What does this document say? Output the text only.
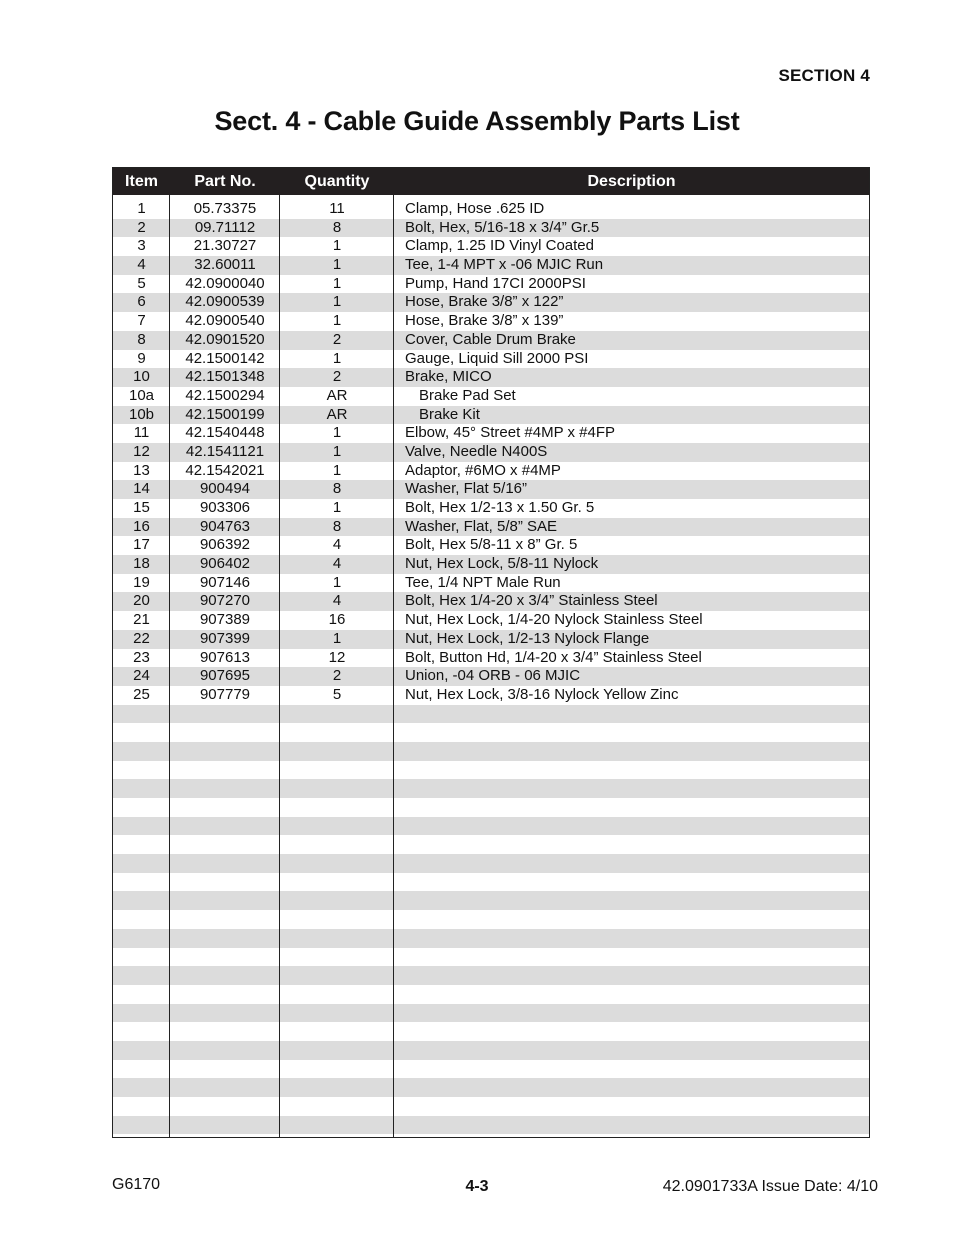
SECTION 4
Sect. 4 - Cable Guide Assembly Parts List
Item	Part No.	Quantity	Description
1	05.73375	11	Clamp, Hose .625 ID
2	09.71112	8	Bolt, Hex, 5/16-18 x 3/4” Gr.5
3	21.30727	1	Clamp, 1.25 ID Vinyl Coated
4	32.60011	1	Tee, 1-4 MPT x -06 MJIC Run
5	42.0900040	1	Pump, Hand 17CI 2000PSI
6	42.0900539	1	Hose, Brake 3/8” x 122”
7	42.0900540	1	Hose, Brake 3/8” x 139”
8	42.0901520	2	Cover, Cable Drum Brake
9	42.1500142	1	Gauge, Liquid Sill 2000 PSI
10	42.1501348	2	Brake, MICO
10a	42.1500294	AR	Brake Pad Set
10b	42.1500199	AR	Brake Kit
11	42.1540448	1	Elbow, 45° Street #4MP x #4FP
12	42.1541121	1	Valve, Needle N400S
13	42.1542021	1	Adaptor, #6MO x #4MP
14	900494	8	Washer, Flat 5/16”
15	903306	1	Bolt, Hex 1/2-13 x 1.50 Gr. 5
16	904763	8	Washer, Flat, 5/8” SAE
17	906392	4	Bolt, Hex 5/8-11 x 8” Gr. 5
18	906402	4	Nut, Hex Lock, 5/8-11 Nylock
19	907146	1	Tee, 1/4 NPT Male Run
20	907270	4	Bolt, Hex 1/4-20 x 3/4” Stainless Steel
21	907389	16	Nut, Hex Lock, 1/4-20 Nylock Stainless Steel
22	907399	1	Nut, Hex Lock, 1/2-13 Nylock Flange
23	907613	12	Bolt, Button Hd, 1/4-20 x 3/4” Stainless Steel
24	907695	2	Union, -04 ORB - 06 MJIC
25	907779	5	Nut, Hex Lock, 3/8-16 Nylock Yellow Zinc
G6170	4-3	42.0901733A Issue Date: 4/10
